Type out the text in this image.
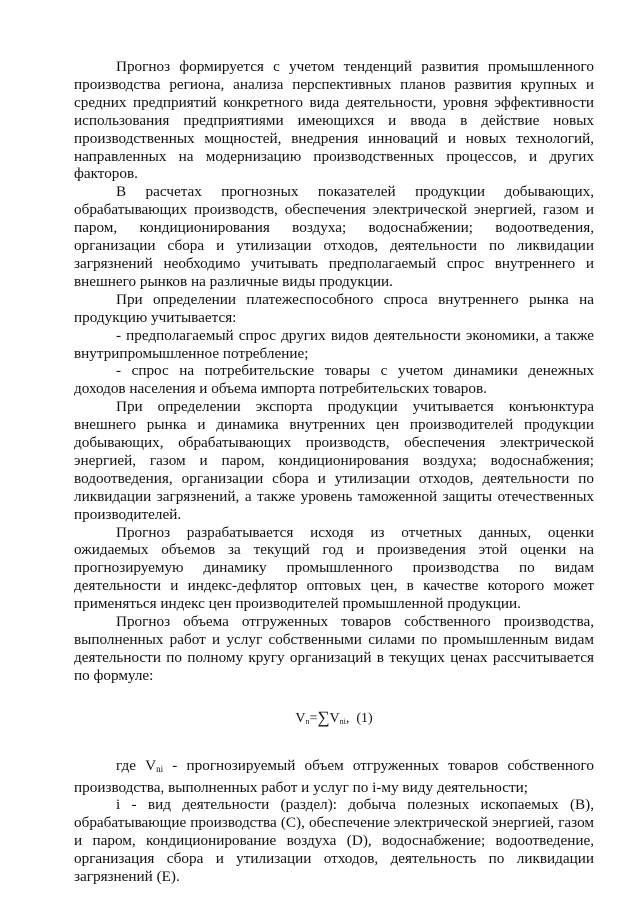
Прогноз формируется с учетом тенденций развития промышленного производства региона, анализа перспективных планов развития крупных и средних предприятий конкретного вида деятельности, уровня эффективности использования предприятиями имеющихся и ввода в действие новых производственных мощностей, внедрения инноваций и новых технологий, направленных на модернизацию производственных процессов, и других факторов.

В расчетах прогнозных показателей продукции добывающих, обрабатывающих производств, обеспечения электрической энергией, газом и паром, кондиционирования воздуха; водоснабжении; водоотведения, организации сбора и утилизации отходов, деятельности по ликвидации загрязнений необходимо учитывать предполагаемый спрос внутреннего и внешнего рынков на различные виды продукции.

При определении платежеспособного спроса внутреннего рынка на продукцию учитывается:

- предполагаемый спрос других видов деятельности экономики, а также внутрипромышленное потребление;

- спрос на потребительские товары с учетом динамики денежных доходов населения и объема импорта потребительских товаров.

При определении экспорта продукции учитывается конъюнктура внешнего рынка и динамика внутренних цен производителей продукции добывающих, обрабатывающих производств, обеспечения электрической энергией, газом и паром, кондиционирования воздуха; водоснабжения; водоотведения, организации сбора и утилизации отходов, деятельности по ликвидации загрязнений, а также уровень таможенной защиты отечественных производителей.

Прогноз разрабатывается исходя из отчетных данных, оценки ожидаемых объемов за текущий год и произведения этой оценки на прогнозируемую динамику промышленного производства по видам деятельности и индекс-дефлятор оптовых цен, в качестве которого может применяться индекс цен производителей промышленной продукции.

Прогноз объема отгруженных товаров собственного производства, выполненных работ и услуг собственными силами по промышленным видам деятельности по полному кругу организаций в текущих ценах рассчитывается по формуле:

$V_n=\sum V_{ni}$, (1)

где $V_{ni}$ - прогнозируемый объем отгруженных товаров собственного производства, выполненных работ и услуг по i-му виду деятельности;

i - вид деятельности (раздел): добыча полезных ископаемых (B), обрабатывающие производства (C), обеспечение электрической энергией, газом и паром, кондиционирование воздуха (D), водоснабжение; водоотведение, организация сбора и утилизации отходов, деятельность по ликвидации загрязнений (E).
